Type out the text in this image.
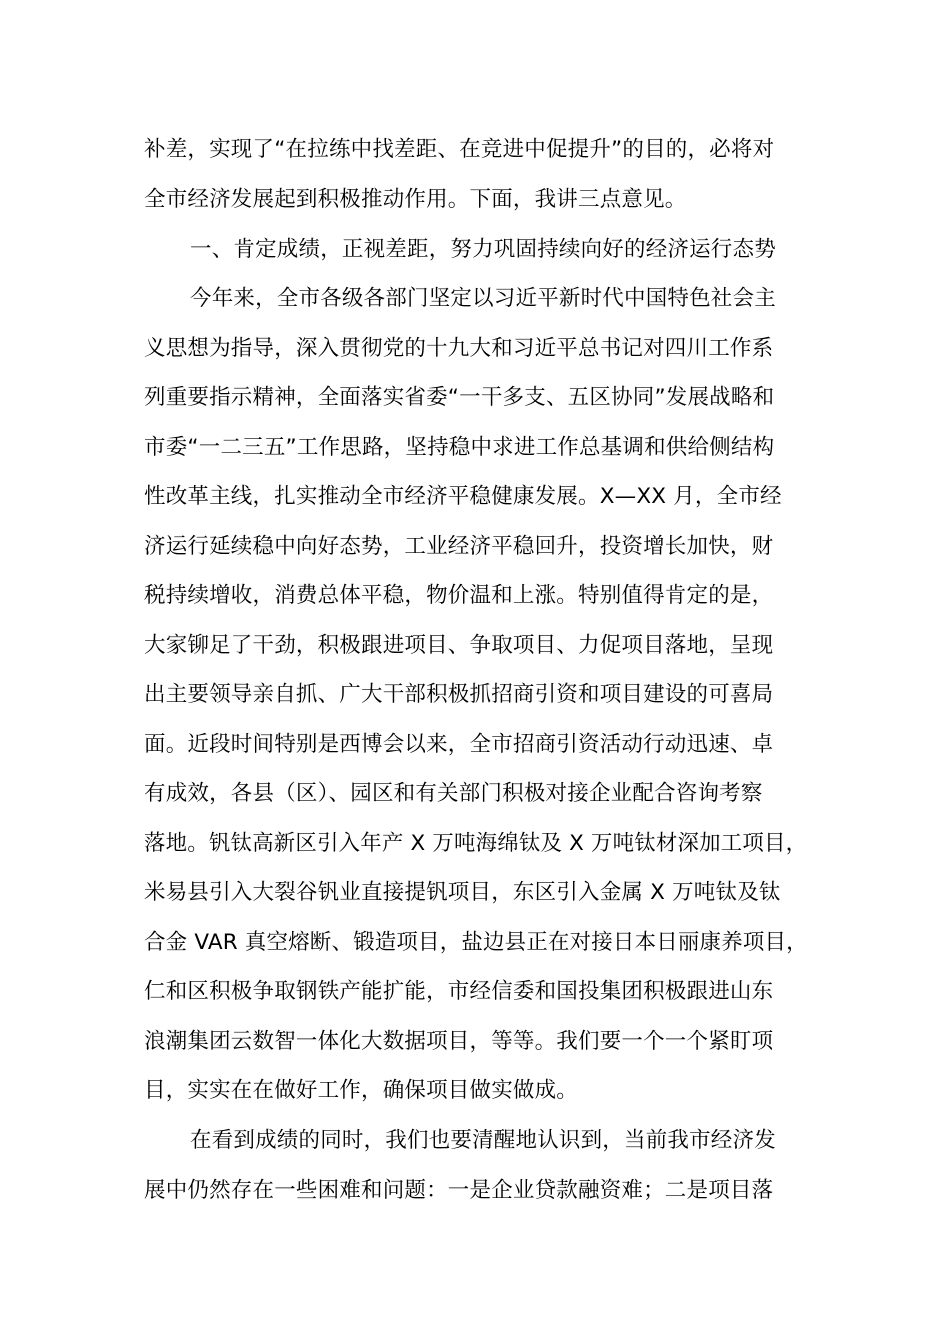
补差，实现了“在拉练中找差距、在竞进中促提升”的目的，必将对
全市经济发展起到积极推动作用。下面，我讲三点意见。
一、肯定成绩，正视差距，努力巩固持续向好的经济运行态势
今年来，全市各级各部门坚定以习近平新时代中国特色社会主
义思想为指导，深入贯彻党的十九大和习近平总书记对四川工作系
列重要指示精神，全面落实省委“一干多支、五区协同”发展战略和
市委“一二三五”工作思路，坚持稳中求进工作总基调和供给侧结构
性改革主线，扎实推动全市经济平稳健康发展。X—XX 月，全市经
济运行延续稳中向好态势，工业经济平稳回升，投资增长加快，财
税持续增收，消费总体平稳，物价温和上涨。特别值得肯定的是，
大家铆足了干劲，积极跟进项目、争取项目、力促项目落地，呈现
出主要领导亲自抓、广大干部积极抓招商引资和项目建设的可喜局
面。近段时间特别是西博会以来，全市招商引资活动行动迅速、卓
有成效，各县（区）、园区和有关部门积极对接企业配合咨询考察
落地。钒钛高新区引入年产 X 万吨海绵钛及 X 万吨钛材深加工项目，
米易县引入大裂谷钒业直接提钒项目，东区引入金属 X 万吨钛及钛
合金 VAR 真空熔断、锻造项目，盐边县正在对接日本日丽康养项目，
仁和区积极争取钢铁产能扩能，市经信委和国投集团积极跟进山东
浪潮集团云数智一体化大数据项目，等等。我们要一个一个紧盯项
目，实实在在做好工作，确保项目做实做成。
在看到成绩的同时，我们也要清醒地认识到，当前我市经济发
展中仍然存在一些困难和问题：一是企业贷款融资难；二是项目落
